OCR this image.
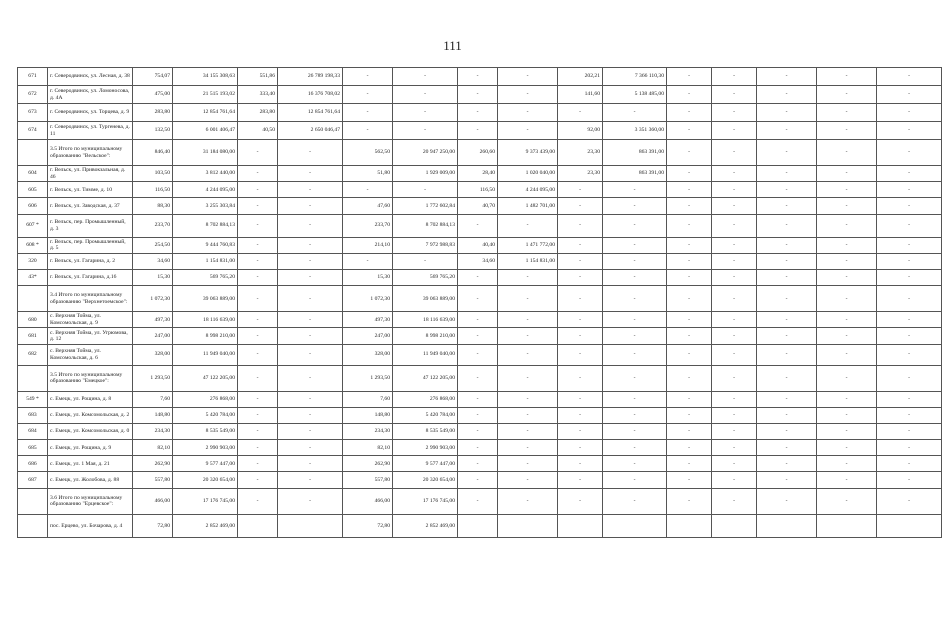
111
671	г. Северодвинск, ул. Лесная, д. 38	754,07	34 155 308,63	551,86	26 789 198,33	-	-	-	-	202,21	7 366 110,30	-	-	-	-	-
672	г. Северодвинск, ул. Ломоносова, д. 4А	475,00	21 515 193,02	333,40	16 376 708,02	-	-	-	-	141,60	5 138 485,00	-	-	-	-	-
673	г. Северодвинск, ул. Торцева, д. 9	283,80	12 854 761,64	283,80	12 854 761,64	-	-	-	-	-	-	-	-	-	-	-
674	г. Северодвинск, ул. Тургенева, д. 11	132,50	6 001 406,47	40,50	2 650 046,47	-	-	-	-	92,00	3 351 360,00	-	-	-	-	-
	3.5 Итого по муниципальному образованию "Вельское":	846,40	31 184 080,00	-	-	562,50	20 947 250,00	260,60	9 373 439,00	23,30	863 391,00	-	-	-	-	-
604	г. Вельск, ул. Привокзальная, д. 46	103,50	3 812 440,00	-	-	51,80	1 929 009,00	28,40	1 020 040,00	23,30	863 391,00	-	-	-	-	-
605	г. Вельск, ул. Тимме, д. 10	116,50	4 244 095,00	-	-	-	-	116,50	4 244 095,00	-	-	-	-	-	-	-
606	г. Вельск, ул. Заводская, д. 37	88,30	3 255 303,84	-	-	47,60	1 772 602,84	40,70	1 482 701,00	-	-	-	-	-	-	-
607 *	г. Вельск, пер. Промышленный, д. 3	233,70	8 702 884,13	-	-	233,70	8 702 884,13	-	-	-	-	-	-	-	-	-
608 *	г. Вельск, пер. Промышленный, д. 5	254,50	9 444 760,83	-	-	214,10	7 972 988,83	40,40	1 471 772,00	-	-	-	-	-	-	-
320	г. Вельск, ул. Гагарина, д. 2	34,60	1 154 831,00	-	-	-	-	34,60	1 154 831,00	-	-	-	-	-	-	-
43*	г. Вельск, ул. Гагарина, д.16	15,30	569 765,20	-	-	15,30	569 765,20	-	-	-	-	-	-	-	-	-
	3.4 Итого по муниципальному образованию "Верхнетоемское":	1 072,30	39 063 889,00	-	-	1 072,30	39 063 889,00	-	-	-	-	-	-	-	-	-
680	с. Верхняя Тойма, ул. Комсомольская, д. 9	497,30	18 116 639,00	-	-	497,30	18 116 639,00	-	-	-	-	-	-	-	-	-
681	с. Верхняя Тойма, ул. Угрюмова, д. 12	247,00	8 998 210,00	-	-	247,00	8 998 210,00	-	-	-	-	-	-	-	-	-
682	с. Верхняя Тойма, ул. Комсомольская, д. 6	328,00	11 949 040,00	-	-	328,00	11 949 040,00	-	-	-	-	-	-	-	-	-
	3.5 Итого по муниципальному образованию "Емецкое":	1 293,50	47 122 205,00	-	-	1 293,50	47 122 205,00	-	-	-	-	-	-	-	-	-
549 *	с. Емецк, ул. Рощина, д. 8	7,60	276 868,00	-	-	7,60	276 868,00	-	-	-	-	-	-	-	-	-
683	с. Емецк, ул. Комсомольская, д. 2	148,80	5 420 784,00	-	-	148,80	5 420 784,00	-	-	-	-	-	-	-	-	-
684	с. Емецк, ул. Комсомольская, д. 0	234,30	8 535 549,00	-	-	234,30	8 535 549,00	-	-	-	-	-	-	-	-	-
685	с. Емецк, ул. Рощина, д. 9	82,10	2 990 903,00	-	-	82,10	2 990 903,00	-	-	-	-	-	-	-	-	-
686	с. Емецк, ул. 1 Мая, д. 21	262,90	9 577 447,00	-	-	262,90	9 577 447,00	-	-	-	-	-	-	-	-	-
687	с. Емецк, ул. Жолобова, д. 88	557,80	20 320 654,00	-	-	557,80	20 320 654,00	-	-	-	-	-	-	-	-	-
	3.6 Итого по муниципальному образованию "Ерцевское":	466,00	17 176 745,00	-	-	466,00	17 176 745,00	-	-	-	-	-	-	-	-	-
	пос. Ерцево, ул. Бочарова, д. 4	72,80	2 852 469,00			72,80	2 852 469,00									
